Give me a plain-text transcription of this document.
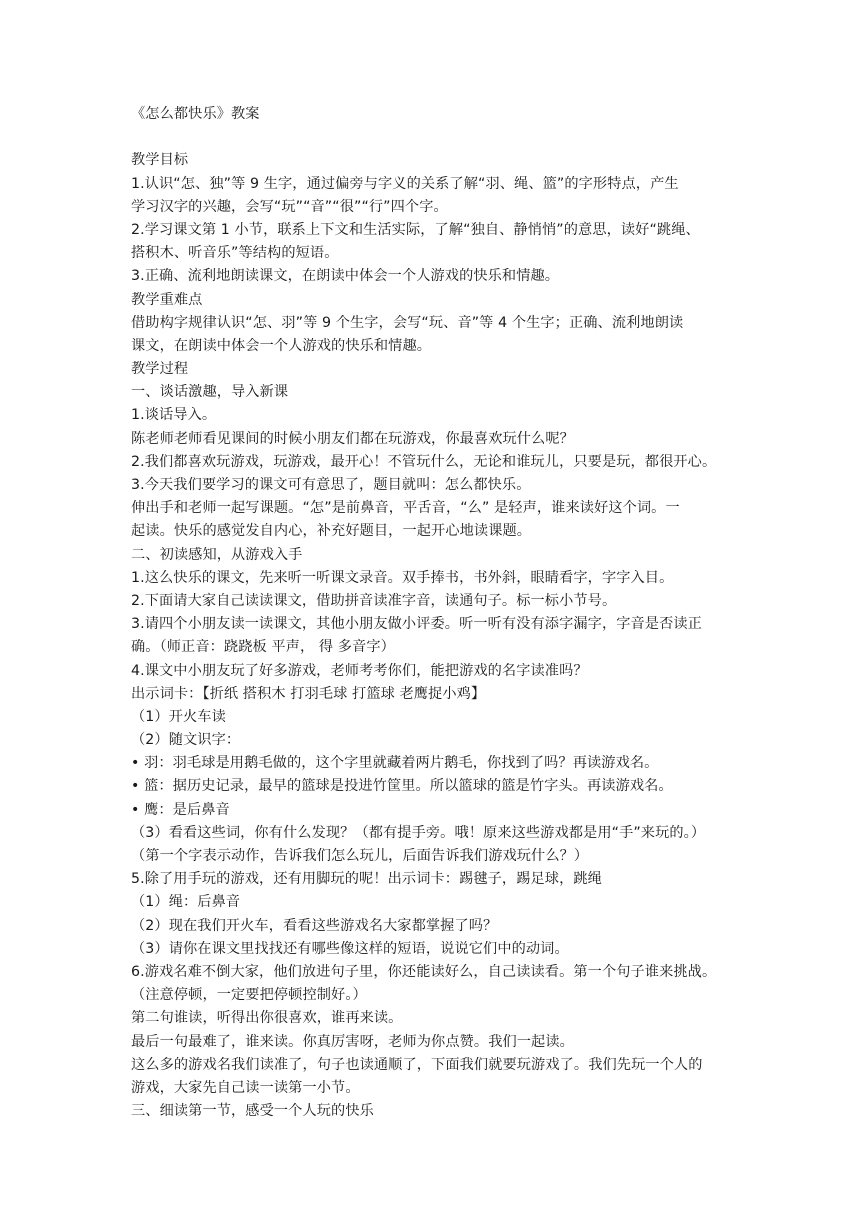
《怎么都快乐》教案
教学目标
1.认识“怎、独”等 9 生字，通过偏旁与字义的关系了解“羽、绳、篮”的字形特点，产生
学习汉字的兴趣，会写“玩”“音”“很”“行”四个字。
2.学习课文第 1 小节，联系上下文和生活实际，了解“独自、静悄悄”的意思，读好“跳绳、
搭积木、听音乐”等结构的短语。
3.正确、流利地朗读课文，在朗读中体会一个人游戏的快乐和情趣。
教学重难点
借助构字规律认识“怎、羽”等 9 个生字，会写“玩、音”等 4 个生字；正确、流利地朗读
课文，在朗读中体会一个人游戏的快乐和情趣。
教学过程
一、谈话激趣，导入新课
1.谈话导入。
陈老师老师看见课间的时候小朋友们都在玩游戏，你最喜欢玩什么呢？
2.我们都喜欢玩游戏，玩游戏，最开心！不管玩什么，无论和谁玩儿，只要是玩，都很开心。
3.今天我们要学习的课文可有意思了，题目就叫：怎么都快乐。
伸出手和老师一起写课题。“怎”是前鼻音，平舌音，“么” 是轻声，谁来读好这个词。一
起读。快乐的感觉发自内心，补充好题目，一起开心地读课题。
二、初读感知，从游戏入手
1.这么快乐的课文，先来听一听课文录音。双手捧书，书外斜，眼睛看字，字字入目。
2.下面请大家自己读读课文，借助拼音读准字音，读通句子。标一标小节号。
3.请四个小朋友读一读课文，其他小朋友做小评委。听一听有没有添字漏字，字音是否读正
确。（师正音：跷跷板 平声， 得 多音字）
4.课文中小朋友玩了好多游戏，老师考考你们，能把游戏的名字读准吗？
出示词卡：【折纸 搭积木 打羽毛球 打篮球 老鹰捉小鸡】
（1）开火车读
（2）随文识字：
• 羽：羽毛球是用鹅毛做的，这个字里就藏着两片鹅毛，你找到了吗？再读游戏名。
• 篮：据历史记录，最早的篮球是投进竹筐里。所以篮球的篮是竹字头。再读游戏名。
• 鹰：是后鼻音
（3）看看这些词，你有什么发现？（都有提手旁。哦！原来这些游戏都是用“手”来玩的。）
（第一个字表示动作，告诉我们怎么玩儿，后面告诉我们游戏玩什么？）
5.除了用手玩的游戏，还有用脚玩的呢！出示词卡：踢毽子，踢足球，跳绳
（1）绳：后鼻音
（2）现在我们开火车，看看这些游戏名大家都掌握了吗？
（3）请你在课文里找找还有哪些像这样的短语，说说它们中的动词。
6.游戏名难不倒大家，他们放进句子里，你还能读好么，自己读读看。第一个句子谁来挑战。
（注意停顿，一定要把停顿控制好。）
第二句谁读，听得出你很喜欢，谁再来读。
最后一句最难了，谁来读。你真厉害呀，老师为你点赞。我们一起读。
这么多的游戏名我们读准了，句子也读通顺了，下面我们就要玩游戏了。我们先玩一个人的
游戏，大家先自己读一读第一小节。
三、细读第一节，感受一个人玩的快乐
